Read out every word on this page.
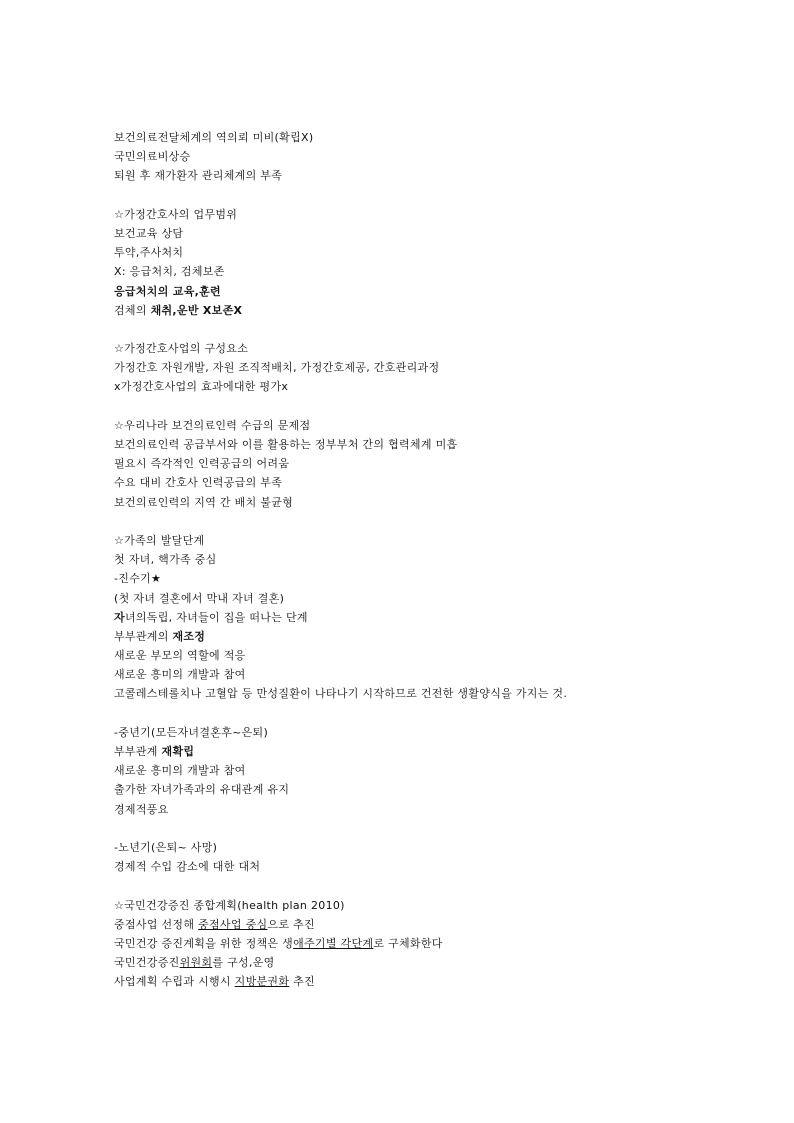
보건의료전달체계의 역의뢰 미비(확립X)
국민의료비상승
퇴원 후 재가환자 관리체계의 부족
☆가정간호사의 업무범위
보건교육 상담
투약,주사처치
X: 응급처치, 검체보존
응급처치의 교육,훈련
검체의 채취,운반 X보존X
☆가정간호사업의 구성요소
가정간호 자원개발, 자원 조직적배치, 가정간호제공, 간호관리과정
x가정간호사업의 효과에대한 평가x
☆우리나라 보건의료인력 수급의 문제점
보건의료인력 공급부서와 이를 활용하는 정부부처 간의 협력체계 미흡
필요시 즉각적인 인력공급의 어려움
수요 대비 간호사 인력공급의 부족
보건의료인력의 지역 간 배치 불균형
☆가족의 발달단계
첫 자녀, 핵가족 중심
-진수기★
(첫 자녀 결혼에서 막내 자녀 결혼)
자녀의독립, 자녀들이 집을 떠나는 단계
부부관계의 재조정
새로운 부모의 역할에 적응
새로운 흥미의 개발과 참여
고콜레스테롤치나 고혈압 등 만성질환이 나타나기 시작하므로 건전한 생활양식을 가지는 것.
-중년기(모든자녀결혼후~은퇴)
부부관계 재확립
새로운 흥미의 개발과 참여
출가한 자녀가족과의 유대관계 유지
경제적풍요
-노년기(은퇴~ 사망)
경제적 수입 감소에 대한 대처
☆국민건강증진 종합계획(health plan 2010)
중점사업 선정해 중점사업 중심으로 추진
국민건강 증진계획을 위한 정책은 생애주기별 각단계로 구체화한다
국민건강증진위원회를 구성,운영
사업계획 수립과 시행시 지방분권화 추진
